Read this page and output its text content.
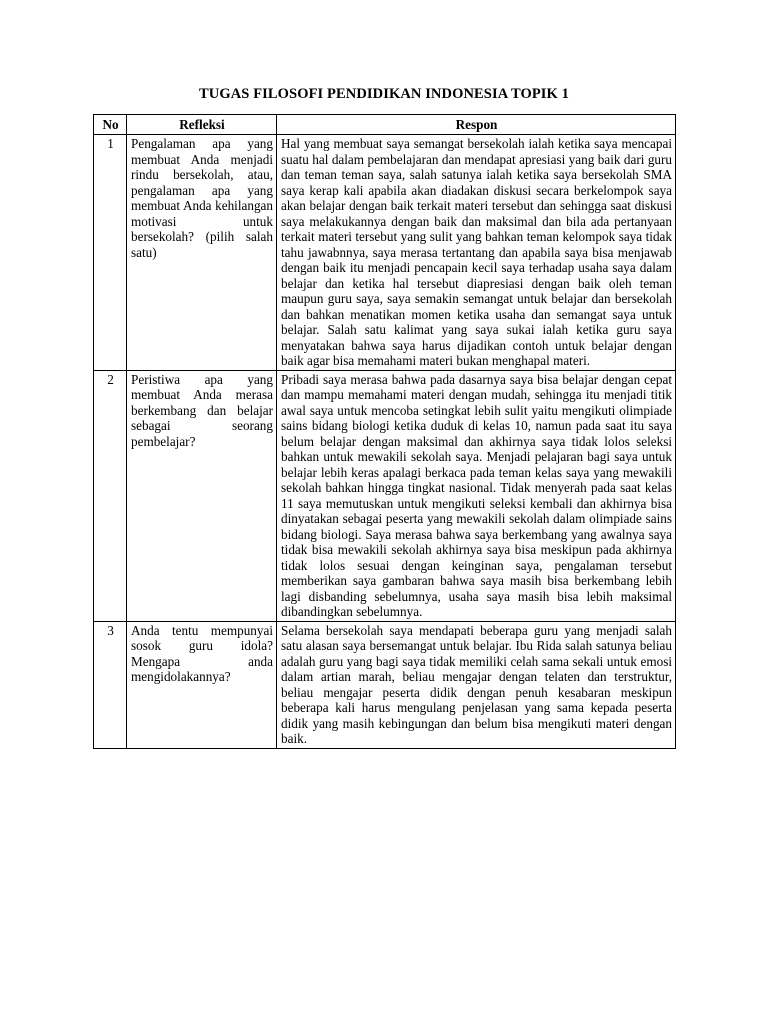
TUGAS FILOSOFI PENDIDIKAN INDONESIA TOPIK 1
No	Refleksi	Respon
1	Pengalaman apa yang membuat Anda menjadi rindu bersekolah, atau, pengalaman apa yang membuat Anda kehilangan motivasi untuk bersekolah? (pilih salah satu)	Hal yang membuat saya semangat bersekolah ialah ketika saya mencapai suatu hal dalam pembelajaran dan mendapat apresiasi yang baik dari guru dan teman teman saya, salah satunya ialah ketika saya bersekolah SMA saya kerap kali apabila akan diadakan diskusi secara berkelompok saya akan belajar dengan baik terkait materi tersebut dan sehingga saat diskusi saya melakukannya dengan baik dan maksimal dan bila ada pertanyaan terkait materi tersebut yang sulit yang bahkan teman kelompok saya tidak tahu jawabnnya, saya merasa tertantang dan apabila saya bisa menjawab dengan baik itu menjadi pencapain kecil saya terhadap usaha saya dalam belajar dan ketika hal tersebut diapresiasi dengan baik oleh teman maupun guru saya, saya semakin semangat untuk belajar dan bersekolah dan bahkan menatikan momen ketika usaha dan semangat saya untuk belajar. Salah satu kalimat yang saya sukai ialah ketika guru saya menyatakan bahwa saya harus dijadikan contoh untuk belajar dengan baik agar bisa memahami materi bukan menghapal materi.
2	Peristiwa apa yang membuat Anda merasa berkembang dan belajar sebagai seorang pembelajar?	Pribadi saya merasa bahwa pada dasarnya saya bisa belajar dengan cepat dan mampu memahami materi dengan mudah, sehingga itu menjadi titik awal saya untuk mencoba setingkat lebih sulit yaitu mengikuti olimpiade sains bidang biologi ketika duduk di kelas 10, namun pada saat itu saya belum belajar dengan maksimal dan akhirnya saya tidak lolos seleksi bahkan untuk mewakili sekolah saya. Menjadi pelajaran bagi saya untuk belajar lebih keras apalagi berkaca pada teman kelas saya yang mewakili sekolah bahkan hingga tingkat nasional. Tidak menyerah pada saat kelas 11 saya memutuskan untuk mengikuti seleksi kembali dan akhirnya bisa dinyatakan sebagai peserta yang mewakili sekolah dalam olimpiade sains bidang biologi. Saya merasa bahwa saya berkembang yang awalnya saya tidak bisa mewakili sekolah akhirnya saya bisa meskipun pada akhirnya tidak lolos sesuai dengan keinginan saya, pengalaman tersebut memberikan saya gambaran bahwa saya masih bisa berkembang lebih lagi disbanding sebelumnya, usaha saya masih bisa lebih maksimal dibandingkan sebelumnya.
3	Anda tentu mempunyai sosok guru idola? Mengapa anda mengidolakannya?	Selama bersekolah saya mendapati beberapa guru yang menjadi salah satu alasan saya bersemangat untuk belajar. Ibu Rida salah satunya beliau adalah guru yang bagi saya tidak memiliki celah sama sekali untuk emosi dalam artian marah, beliau mengajar dengan telaten dan terstruktur, beliau mengajar peserta didik dengan penuh kesabaran meskipun beberapa kali harus mengulang penjelasan yang sama kepada peserta didik yang masih kebingungan dan belum bisa mengikuti materi dengan baik.
